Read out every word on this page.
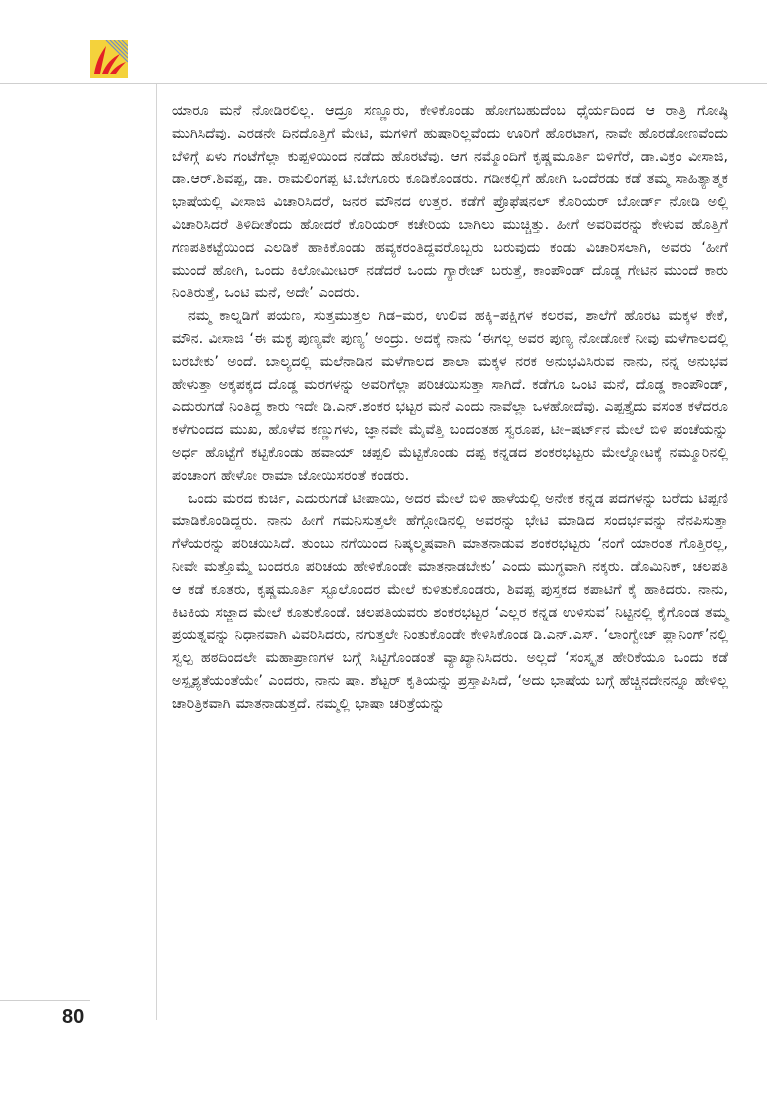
ಯಾರೂ ಮನೆ ನೋಡಿರಲಿಲ್ಲ. ಆದ್ರೂ ಸಣ್ಣೂರು, ಕೇಳಿಕೊಂಡು ಹೋಗಬಹುದೆಂಬ ಧೈರ್ಯದಿಂದ ಆ ರಾತ್ರಿ ಗೋಷ್ಠಿ ಮುಗಿಸಿದೆವು. ಎರಡನೇ ದಿನದೊತ್ತಿಗೆ ಮೇಟಿ, ಮಗಳಿಗೆ ಹುಷಾರಿಲ್ಲವೆಂದು ಊರಿಗೆ ಹೊರಟಾಗ, ನಾವೇ ಹೊರಡೋಣವೆಂದು ಬೆಳಿಗ್ಗೆ ಏಳು ಗಂಟೆಗೆಲ್ಲಾ ಕುಪ್ಪಳಿಯಿಂದ ನಡೆದು ಹೊರಟೆವು. ಆಗ ನಮ್ಮೊಂದಿಗೆ ಕೃಷ್ಣಮೂರ್ತಿ ಬಿಳಿಗೆರೆ, ಡಾ.ವಿಕ್ರಂ ವೀಸಾಜಿ, ಡಾ.ಆರ್.ಶಿವಪ್ಪ, ಡಾ. ರಾಮಲಿಂಗಪ್ಪ ಟಿ.ಬೇಗೂರು ಕೂಡಿಕೊಂಡರು. ಗಡೀಕಲ್ಲಿಗೆ ಹೋಗಿ ಒಂದೆರಡು ಕಡೆ ತಮ್ಮ ಸಾಹಿತ್ಯಾತ್ಮಕ ಭಾಷೆಯಲ್ಲಿ ವೀಸಾಜಿ ವಿಚಾರಿಸಿದರೆ, ಜನರ ಮೌನದ ಉತ್ತರ. ಕಡೆಗೆ ಪ್ರೊಫೆಷನಲ್ ಕೊರಿಯರ್ ಬೋರ್ಡ್ ನೋಡಿ ಅಲ್ಲಿ ವಿಚಾರಿಸಿದರೆ ತಿಳಿದೀತೆಂದು ಹೋದರೆ ಕೊರಿಯರ್ ಕಚೇರಿಯ ಬಾಗಿಲು ಮುಚ್ಚಿತ್ತು. ಹೀಗೆ ಅವರಿವರನ್ನು ಕೇಳುವ ಹೊತ್ತಿಗೆ ಗಣಪತಿಕಟ್ಟೆಯಿಂದ ಎಲಡಿಕೆ ಹಾಕಿಕೊಂಡು ಹವ್ಯಕರಂತಿದ್ದವರೊಬ್ಬರು ಬರುವುದು ಕಂಡು ವಿಚಾರಿಸಲಾಗಿ, ಅವರು ‘ಹೀಗೆ ಮುಂದೆ ಹೋಗಿ, ಒಂದು ಕಿಲೋಮೀಟರ್ ನಡೆದರೆ ಒಂದು ಗ್ಯಾರೇಜ್ ಬರುತ್ತೆ, ಕಾಂಪೌಂಡ್ ದೊಡ್ಡ ಗೇಟಿನ ಮುಂದೆ ಕಾರು ನಿಂತಿರುತ್ತೆ, ಒಂಟಿ ಮನೆ, ಅದೇ’ ಎಂದರು.

ನಮ್ಮ ಕಾಲ್ನಡಿಗೆ ಪಯಣ, ಸುತ್ತಮುತ್ತಲ ಗಿಡ–ಮರ, ಉಲಿವ ಹಕ್ಕಿ–ಪಕ್ಷಿಗಳ ಕಲರವ, ಶಾಲೆಗೆ ಹೊರಟ ಮಕ್ಕಳ ಕೇಕೆ, ಮೌನ. ವೀಸಾಜಿ ‘ಈ ಮಕ್ಳ ಪುಣ್ಯವೇ ಪುಣ್ಯ’ ಅಂದ್ರು. ಅದಕ್ಕೆ ನಾನು ‘ಈಗಲ್ಲ ಅವರ ಪುಣ್ಯ ನೋಡೋಕೆ ನೀವು ಮಳೆಗಾಲದಲ್ಲಿ ಬರಬೇಕು’ ಅಂದೆ. ಬಾಲ್ಯದಲ್ಲಿ ಮಲೆನಾಡಿನ ಮಳೆಗಾಲದ ಶಾಲಾ ಮಕ್ಕಳ ನರಕ ಅನುಭವಿಸಿರುವ ನಾನು, ನನ್ನ ಅನುಭವ ಹೇಳುತ್ತಾ ಅಕ್ಕಪಕ್ಕದ ದೊಡ್ಡ ಮರಗಳನ್ನು ಅವರಿಗೆಲ್ಲಾ ಪರಿಚಯಿಸುತ್ತಾ ಸಾಗಿದೆ. ಕಡೆಗೂ ಒಂಟಿ ಮನೆ, ದೊಡ್ಡ ಕಾಂಪೌಂಡ್, ಎದುರುಗಡೆ ನಿಂತಿದ್ದ ಕಾರು ಇದೇ ಡಿ.ಎನ್.ಶಂಕರ ಭಟ್ಟರ ಮನೆ ಎಂದು ನಾವೆಲ್ಲಾ ಒಳಹೋದೆವು. ಎಪ್ಪತ್ತೈದು ವಸಂತ ಕಳೆದರೂ ಕಳೆಗುಂದದ ಮುಖ, ಹೊಳೆವ ಕಣ್ಣುಗಳು, ಜ್ಞಾನವೇ ಮೈವೆತ್ತಿ ಬಂದಂತಹ ಸ್ವರೂಪ, ಟೀ–ಷರ್ಟ್‌ನ ಮೇಲೆ ಬಿಳಿ ಪಂಚೆಯನ್ನು ಅರ್ಧ ಹೊಟ್ಟೆಗೆ ಕಟ್ಟಿಕೊಂಡು ಹವಾಯ್ ಚಪ್ಪಲಿ ಮೆಟ್ಟಿಕೊಂಡು ದಪ್ಪ ಕನ್ನಡದ ಶಂಕರಭಟ್ಟರು ಮೇಲ್ನೋಟಕ್ಕೆ ನಮ್ಮೂರಿನಲ್ಲಿ ಪಂಚಾಂಗ ಹೇಳೋ ರಾಮಾ ಜೋಯಿಸರಂತೆ ಕಂಡರು.

ಒಂದು ಮರದ ಕುರ್ಚಿ, ಎದುರುಗಡೆ ಟೀಪಾಯಿ, ಅದರ ಮೇಲೆ ಬಿಳಿ ಹಾಳೆಯಲ್ಲಿ ಅನೇಕ ಕನ್ನಡ ಪದಗಳನ್ನು ಬರೆದು ಟಿಪ್ಪಣಿ ಮಾಡಿಕೊಂಡಿದ್ದರು. ನಾನು ಹೀಗೆ ಗಮನಿಸುತ್ತಲೇ ಹೆಗ್ಗೋಡಿನಲ್ಲಿ ಅವರನ್ನು ಭೇಟಿ ಮಾಡಿದ ಸಂದರ್ಭವನ್ನು ನೆನಪಿಸುತ್ತಾ ಗೆಳೆಯರನ್ನು ಪರಿಚಯಿಸಿದೆ. ತುಂಬು ನಗೆಯಿಂದ ನಿಷ್ಕಲ್ಮಷವಾಗಿ ಮಾತನಾಡುವ ಶಂಕರಭಟ್ಟರು ‘ನಂಗೆ ಯಾರಂತ ಗೊತ್ತಿರಲ್ಲ, ನೀವೇ ಮತ್ತೊಮ್ಮೆ ಬಂದರೂ ಪರಿಚಯ ಹೇಳಿಕೊಂಡೇ ಮಾತನಾಡಬೇಕು’ ಎಂದು ಮುಗ್ಧವಾಗಿ ನಕ್ಕರು. ಡೊಮಿನಿಕ್, ಚಲಪತಿ ಆ ಕಡೆ ಕೂತರು, ಕೃಷ್ಣಮೂರ್ತಿ ಸ್ಟೂಲೊಂದರ ಮೇಲೆ ಕುಳಿತುಕೊಂಡರು, ಶಿವಪ್ಪ ಪುಸ್ತಕದ ಕಪಾಟಿಗೆ ಕೈ ಹಾಕಿದರು. ನಾನು, ಕಿಟಕಿಯ ಸಜ್ಜಾದ ಮೇಲೆ ಕೂತುಕೊಂಡೆ. ಚಲಪತಿಯವರು ಶಂಕರಭಟ್ಟರ ‘ಎಲ್ಲರ ಕನ್ನಡ ಉಳಿಸುವ’ ನಿಟ್ಟಿನಲ್ಲಿ ಕೈಗೊಂಡ ತಮ್ಮ ಪ್ರಯತ್ನವನ್ನು ನಿಧಾನವಾಗಿ ವಿವರಿಸಿದರು, ನಗುತ್ತಲೇ ನಿಂತುಕೊಂಡೇ ಕೇಳಿಸಿಕೊಂಡ ಡಿ.ಎನ್.ಎಸ್. ‘ಲಾಂಗ್ವೇಜ್ ಪ್ಲಾನಿಂಗ್’ನಲ್ಲಿ ಸ್ವಲ್ಪ ಹಠದಿಂದಲೇ ಮಹಾಪ್ರಾಣಗಳ ಬಗ್ಗೆ ಸಿಟ್ಟಿಗೊಂಡಂತೆ ವ್ಯಾಖ್ಯಾನಿಸಿದರು. ಅಲ್ಲದೆ ‘ಸಂಸ್ಕೃತ ಹೇರಿಕೆಯೂ ಒಂದು ಕಡೆ ಅಸ್ಪೃಶ್ಯತೆಯಂತೆಯೇ’ ಎಂದರು, ನಾನು ಷಾ. ಶೆಟ್ಟರ್ ಕೃತಿಯನ್ನು ಪ್ರಸ್ತಾಪಿಸಿದೆ, ‘ಅದು ಭಾಷೆಯ ಬಗ್ಗೆ ಹೆಚ್ಚಿನದೇನನ್ನೂ ಹೇಳಿಲ್ಲ ಚಾರಿತ್ರಿಕವಾಗಿ ಮಾತನಾಡುತ್ತದೆ. ನಮ್ಮಲ್ಲಿ ಭಾಷಾ ಚರಿತ್ರೆಯನ್ನು

80
